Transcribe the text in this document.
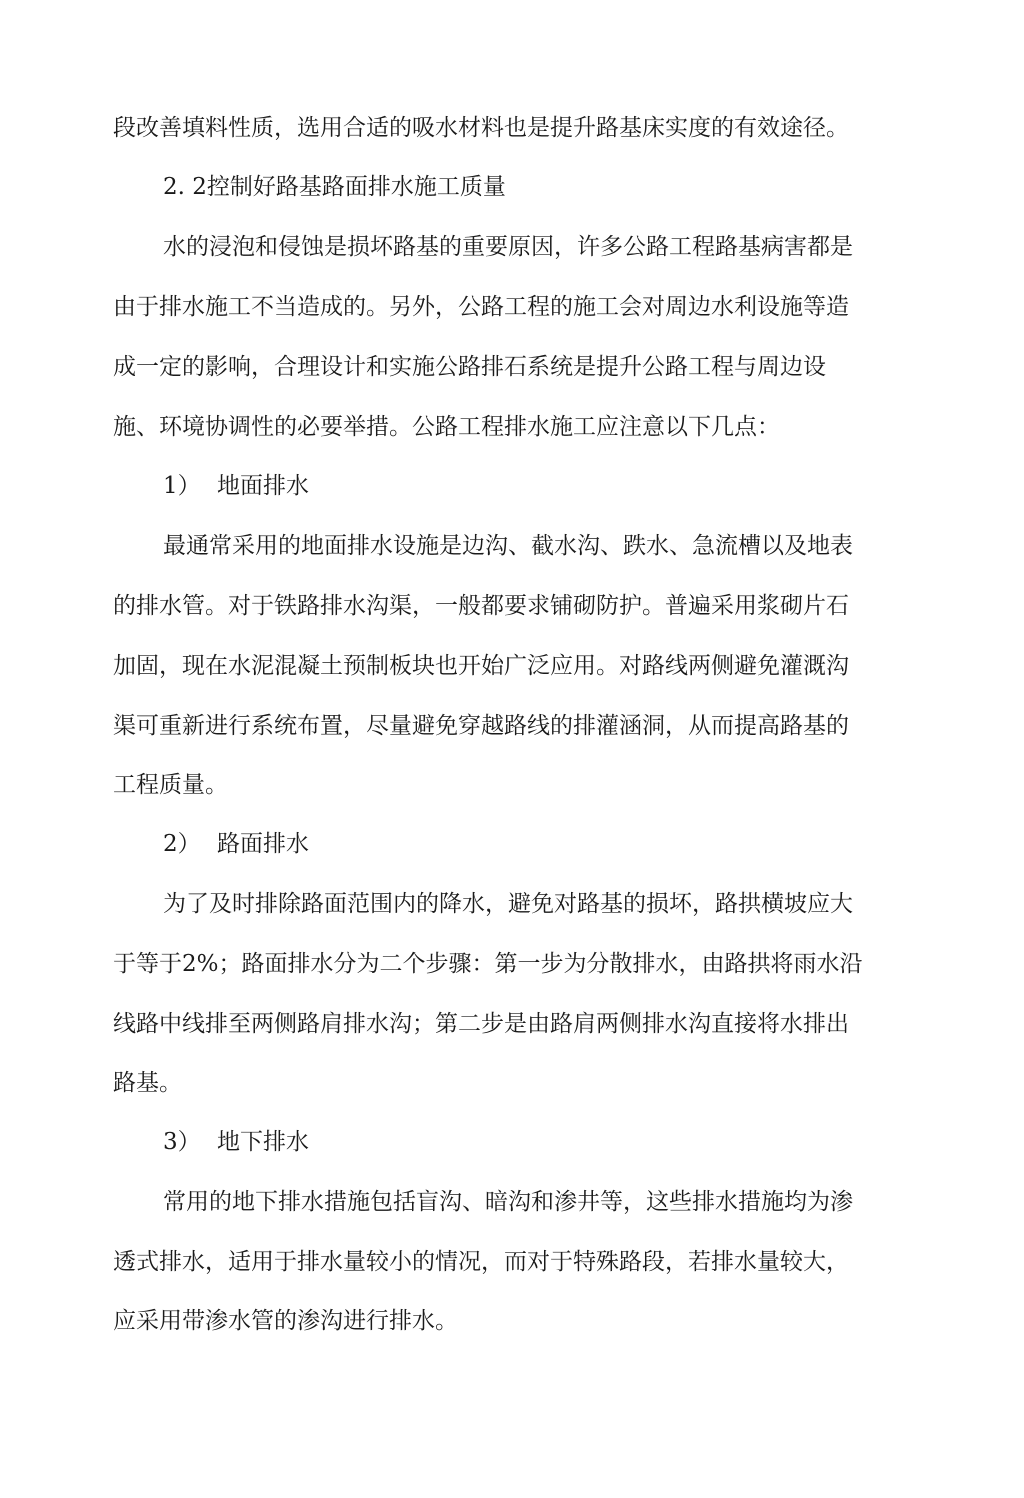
段改善填料性质，选用合适的吸水材料也是提升路基床实度的有效途径。
2. 2控制好路基路面排水施工质量
水的浸泡和侵蚀是损坏路基的重要原因，许多公路工程路基病害都是
由于排水施工不当造成的。另外，公路工程的施工会对周边水利设施等造
成一定的影响，合理设计和实施公路排石系统是提升公路工程与周边设
施、环境协调性的必要举措。公路工程排水施工应注意以下几点：
1） 地面排水
最通常采用的地面排水设施是边沟、截水沟、跌水、急流槽以及地表
的排水管。对于铁路排水沟渠，一般都要求铺砌防护。普遍采用浆砌片石
加固，现在水泥混凝土预制板块也开始广泛应用。对路线两侧避免灌溉沟
渠可重新进行系统布置，尽量避免穿越路线的排灌涵洞，从而提高路基的
工程质量。
2） 路面排水
为了及时排除路面范围内的降水，避免对路基的损坏，路拱横坡应大
于等于2%；路面排水分为二个步骤：第一步为分散排水，由路拱将雨水沿
线路中线排至两侧路肩排水沟；第二步是由路肩两侧排水沟直接将水排出
路基。
3） 地下排水
常用的地下排水措施包括盲沟、暗沟和渗井等，这些排水措施均为渗
透式排水，适用于排水量较小的情况，而对于特殊路段，若排水量较大，
应采用带渗水管的渗沟进行排水。
